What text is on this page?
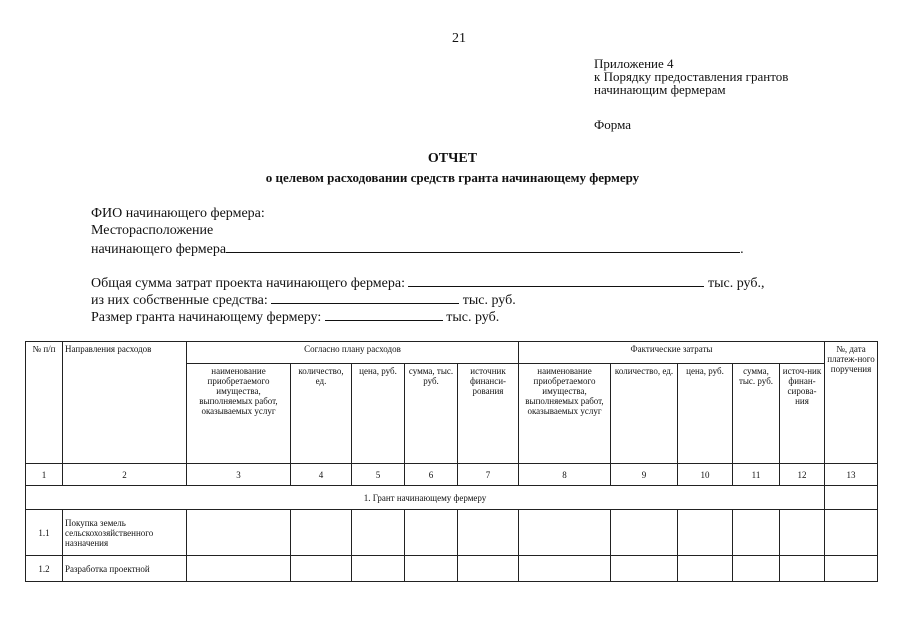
21
Приложение 4
к Порядку предоставления грантов
начинающим фермерам
Форма
ОТЧЕТ
о целевом расходовании средств гранта начинающему фермеру
ФИО начинающего фермера:
Месторасположение
начинающего фермера	.
Общая сумма затрат проекта начинающего фермера:	тыс. руб.,
из них собственные средства:	тыс. руб.
Размер гранта начинающему фермеру:	тыс. руб.
№ п/п	Направления расходов	Согласно плану расходов					Фактические затраты					№, дата платеж-ного поручения
		наименование приобретаемого имущества, выполняемых работ, оказываемых услуг	количество, ед.	цена, руб.	сумма, тыс. руб.	источник финанси-рования	наименование приобретаемого имущества, выполняемых работ, оказываемых услуг	количество, ед.	цена, руб.	сумма, тыс. руб.	источ-ник финан-сирова-ния	
1	2	3	4	5	6	7	8	9	10	11	12	13
1. Грант начинающему фермеру												
1.1	Покупка земель сельскохозяйственного назначения											
1.2	Разработка проектной											
